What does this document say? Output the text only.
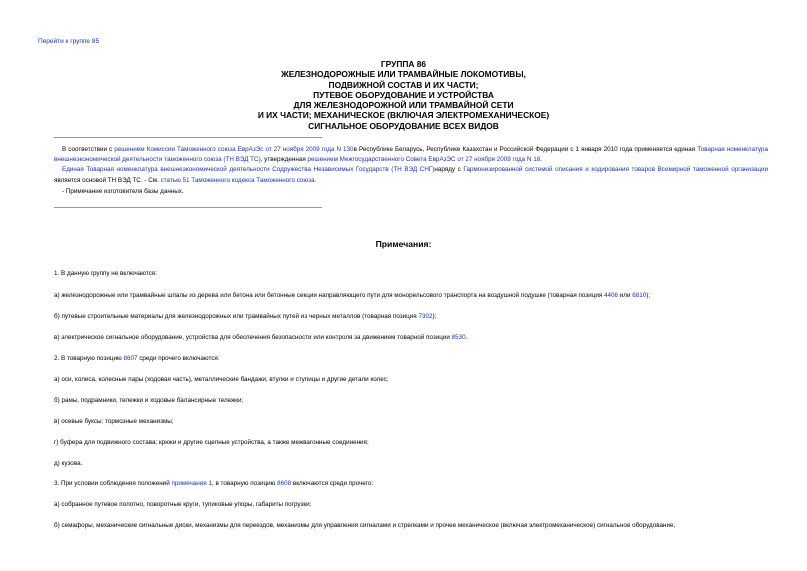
Перейти к группе 85
ГРУППА 86
ЖЕЛЕЗНОДОРОЖНЫЕ ИЛИ ТРАМВАЙНЫЕ ЛОКОМОТИВЫ,
ПОДВИЖНОЙ СОСТАВ И ИХ ЧАСТИ;
ПУТЕВОЕ ОБОРУДОВАНИЕ И УСТРОЙСТВА
ДЛЯ ЖЕЛЕЗНОДОРОЖНОЙ ИЛИ ТРАМВАЙНОЙ СЕТИ
И ИХ ЧАСТИ; МЕХАНИЧЕСКОЕ (ВКЛЮЧАЯ ЭЛЕКТРОМЕХАНИЧЕСКОЕ)
СИГНАЛЬНОЕ ОБОРУДОВАНИЕ ВСЕХ ВИДОВ

В соответствии с решением Комиссии Таможенного союза ЕврАзЭс от 27 ноября 2009 года N 130в Республике Беларусь, Республике Казахстан и Российской Федерации с 1 января 2010 года применяется единая Товарная номенклатура внешнеэкономической деятельности таможенного союза (ТН ВЭД ТС), утвержденная решением Межгосударственного Совета ЕврАзЭС от 27 ноября 2009 года N 18.

Единая Товарная номенклатура внешнеэкономической деятельности Содружества Независимых Государств (ТН ВЭД СНГ)наряду с Гармонизированной системой описания и кодирования товаров Всемирной таможенной организации является основой ТН ВЭД ТС. - См. статью 51 Таможенного кодекса Таможенного союза.

- Примечание изготовителя базы данных.

Примечания:
1. В данную группу не включаются:
а) железнодорожные или трамвайные шпалы из дерева или бетона или бетонные секции направляющего пути для монорельсового транспорта на воздушной подушке (товарная позиция 4406 или 6810);
б) путевые строительные материалы для железнодорожных или трамвайных путей из черных металлов (товарная позиция 7302);
в) электрическое сигнальное оборудование, устройства для обеспечения безопасности или контроля за движением товарной позиции 8530.
2. В товарную позицию 8607 среди прочего включаются:
а) оси, колеса, колесные пары (ходовая часть), металлические бандажи, втулки и ступицы и другие детали колес;
б) рамы, подрамники, тележки и ходовые балансирные тележки;
в) осевые буксы; тормозные механизмы;
г) буфера для подвижного состава; крюки и другие сцепные устройства, а также межвагонные соединения;
д) кузова.
3. При условии соблюдения положений примечания 1, в товарную позицию 8608 включаются среди прочего:
а) собранное путевое полотно, поворотные круги, тупиковые упоры, габариты погрузки;
б) семафоры, механические сигнальные диски, механизмы для переездов, механизмы для управления сигналами и стрелками и прочее механическое (включая электромеханическое) сигнальное оборудование,
